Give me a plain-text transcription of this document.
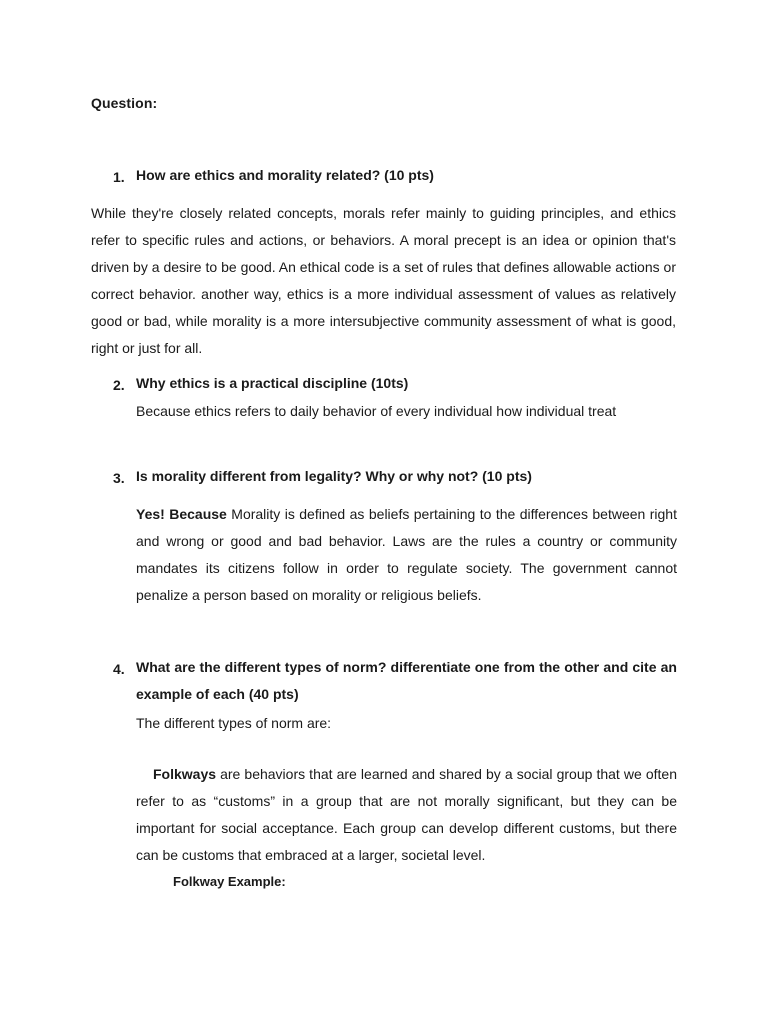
Question:
1. How are ethics and morality related? (10 pts)
While they're closely related concepts, morals refer mainly to guiding principles, and ethics refer to specific rules and actions, or behaviors. A moral precept is an idea or opinion that's driven by a desire to be good. An ethical code is a set of rules that defines allowable actions or correct behavior. another way, ethics is a more individual assessment of values as relatively good or bad, while morality is a more intersubjective community assessment of what is good, right or just for all.
2. Why ethics is a practical discipline (10ts)
Because ethics refers to daily behavior of every individual how individual treat
3. Is morality different from legality? Why or why not? (10 pts)
Yes! Because Morality is defined as beliefs pertaining to the differences between right and wrong or good and bad behavior. Laws are the rules a country or community mandates its citizens follow in order to regulate society. The government cannot penalize a person based on morality or religious beliefs.
4. What are the different types of norm? differentiate one from the other and cite an example of each (40 pts)
The different types of norm are:
Folkways are behaviors that are learned and shared by a social group that we often refer to as “customs” in a group that are not morally significant, but they can be important for social acceptance. Each group can develop different customs, but there can be customs that embraced at a larger, societal level.
Folkway Example:
